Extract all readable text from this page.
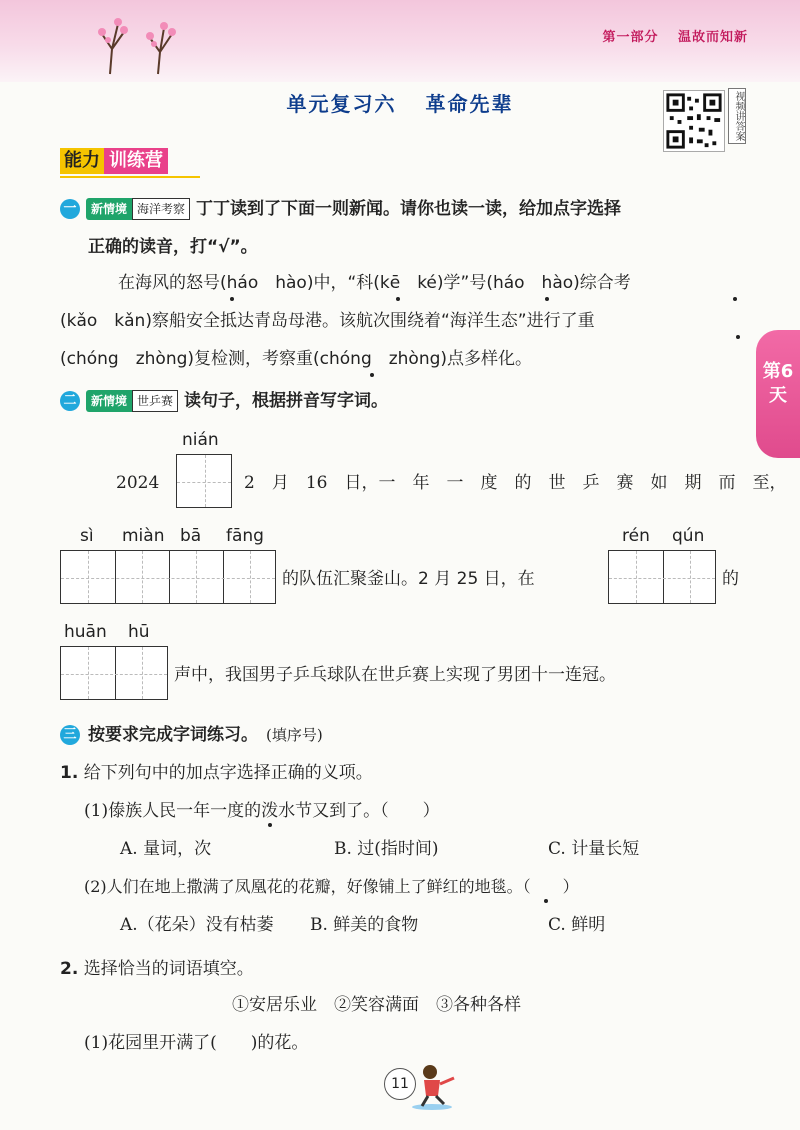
第一部分 温故而知新
单元复习六 革命先辈	视频讲答案
能力 训练营
一	新情境 海洋考察 丁丁读到了下面一则新闻。请你也读一读，给加点字选择
正确的读音，打“√”。
在海风的怒号(háo　hào)中，“科(kē　ké)学”号(háo　hào)综合考
(kǎo　kǎn)察船安全抵达青岛母港。该航次围绕着“海洋生态”进行了重
(chóng　zhòng)复检测，考察重(chóng　zhòng)点多样化。
第6天
二	新情境 世乒赛 读句子，根据拼音写字词。
nián
2024	2　月　16　日，一　年　一　度　的　世　乒　赛　如　期　而　至，
sì miàn bā fāng
的队伍汇聚釜山。2 月 25 日，在
rén qún
的
huān hū
声中，我国男子乒乓球队在世乒赛上实现了男团十一连冠。
三 按要求完成字词练习。 (填序号)
1. 给下列句中的加点字选择正确的义项。
(1)傣族人民一年一度的泼水节又到了。（　　）
A. 量词，次	B. 过(指时间)	C. 计量长短
(2)人们在地上撒满了凤凰花的花瓣，好像铺上了鲜红的地毯。（　　）
A.（花朵）没有枯萎 B. 鲜美的食物	C. 鲜明
2. 选择恰当的词语填空。
①安居乐业　②笑容满面　③各种各样
(1)花园里开满了(　　)的花。
11
